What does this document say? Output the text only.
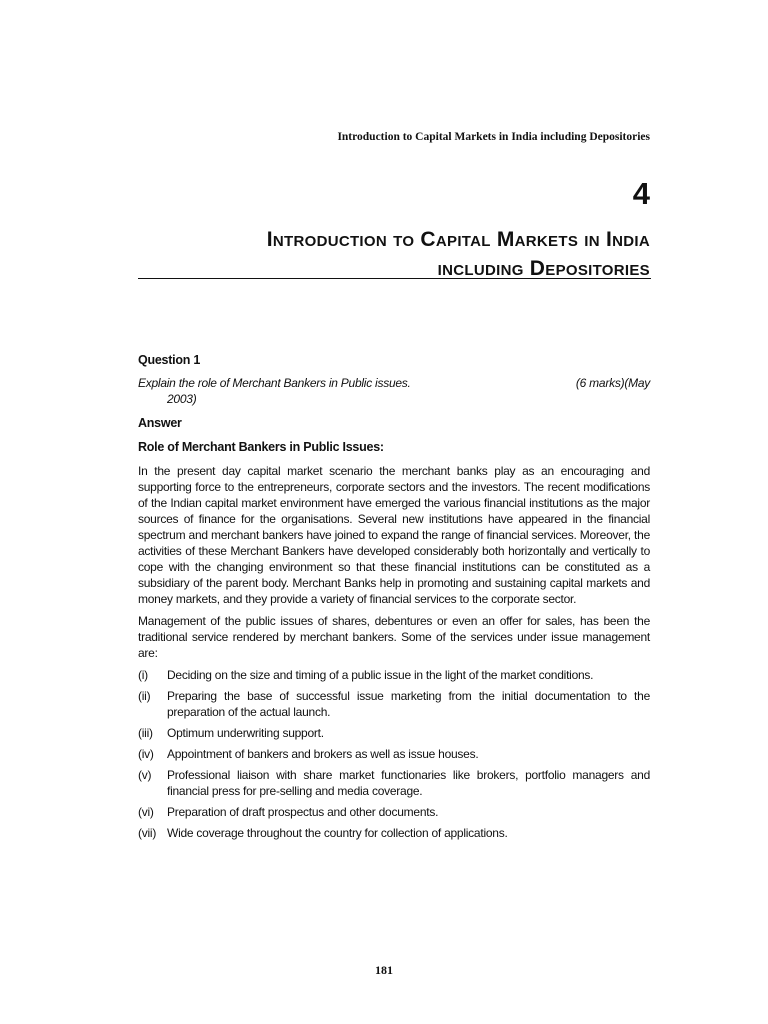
Introduction to Capital Markets in India including Depositories
4
Introduction to Capital Markets in India
including Depositories
Question 1
Explain the role of Merchant Bankers in Public issues.	(6 marks)(May
2003)
Answer
Role of Merchant Bankers in Public Issues:

In the present day capital market scenario the merchant banks play as an encouraging and supporting force to the entrepreneurs, corporate sectors and the investors. The recent modifications of the Indian capital market environment have emerged the various financial institutions as the major sources of finance for the organisations. Several new institutions have appeared in the financial spectrum and merchant bankers have joined to expand the range of financial services. Moreover, the activities of these Merchant Bankers have developed considerably both horizontally and vertically to cope with the changing environment so that these financial institutions can be constituted as a subsidiary of the parent body. Merchant Banks help in promoting and sustaining capital markets and money markets, and they provide a variety of financial services to the corporate sector.

Management of the public issues of shares, debentures or even an offer for sales, has been the traditional service rendered by merchant bankers. Some of the services under issue management are:

(i)	Deciding on the size and timing of a public issue in the light of the market conditions.
(ii)	Preparing the base of successful issue marketing from the initial documentation to the preparation of the actual launch.
(iii)	Optimum underwriting support.
(iv)	Appointment of bankers and brokers as well as issue houses.
(v)	Professional liaison with share market functionaries like brokers, portfolio managers and financial press for pre-selling and media coverage.
(vi)	Preparation of draft prospectus and other documents.
(vii) Wide coverage throughout the country for collection of applications.
181
